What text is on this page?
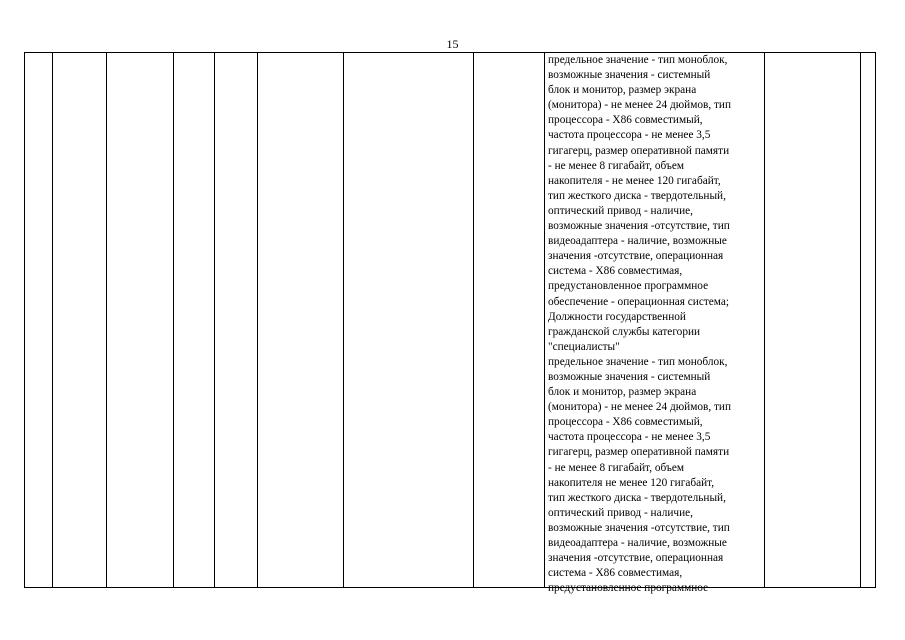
15
предельное значение - тип моноблок,
возможные значения - системный
блок и монитор, размер экрана
(монитора) - не менее 24 дюймов, тип
процессора - X86 совместимый,
частота процессора - не менее 3,5
гигагерц, размер оперативной памяти
- не менее 8 гигабайт, объем
накопителя - не менее 120 гигабайт,
тип жесткого диска - твердотельный,
оптический привод - наличие,
возможные значения -отсутствие, тип
видеоадаптера - наличие, возможные
значения -отсутствие, операционная
система - X86 совместимая,
предустановленное программное
обеспечение - операционная система;
Должности государственной
гражданской службы категории
"специалисты"
предельное значение - тип моноблок,
возможные значения - системный
блок и монитор, размер экрана
(монитора) - не менее 24 дюймов, тип
процессора - X86 совместимый,
частота процессора - не менее 3,5
гигагерц, размер оперативной памяти
- не менее 8 гигабайт, объем
накопителя не менее 120 гигабайт,
тип жесткого диска - твердотельный,
оптический привод - наличие,
возможные значения -отсутствие, тип
видеоадаптера - наличие, возможные
значения -отсутствие, операционная
система - X86 совместимая,
предустановленное программное
